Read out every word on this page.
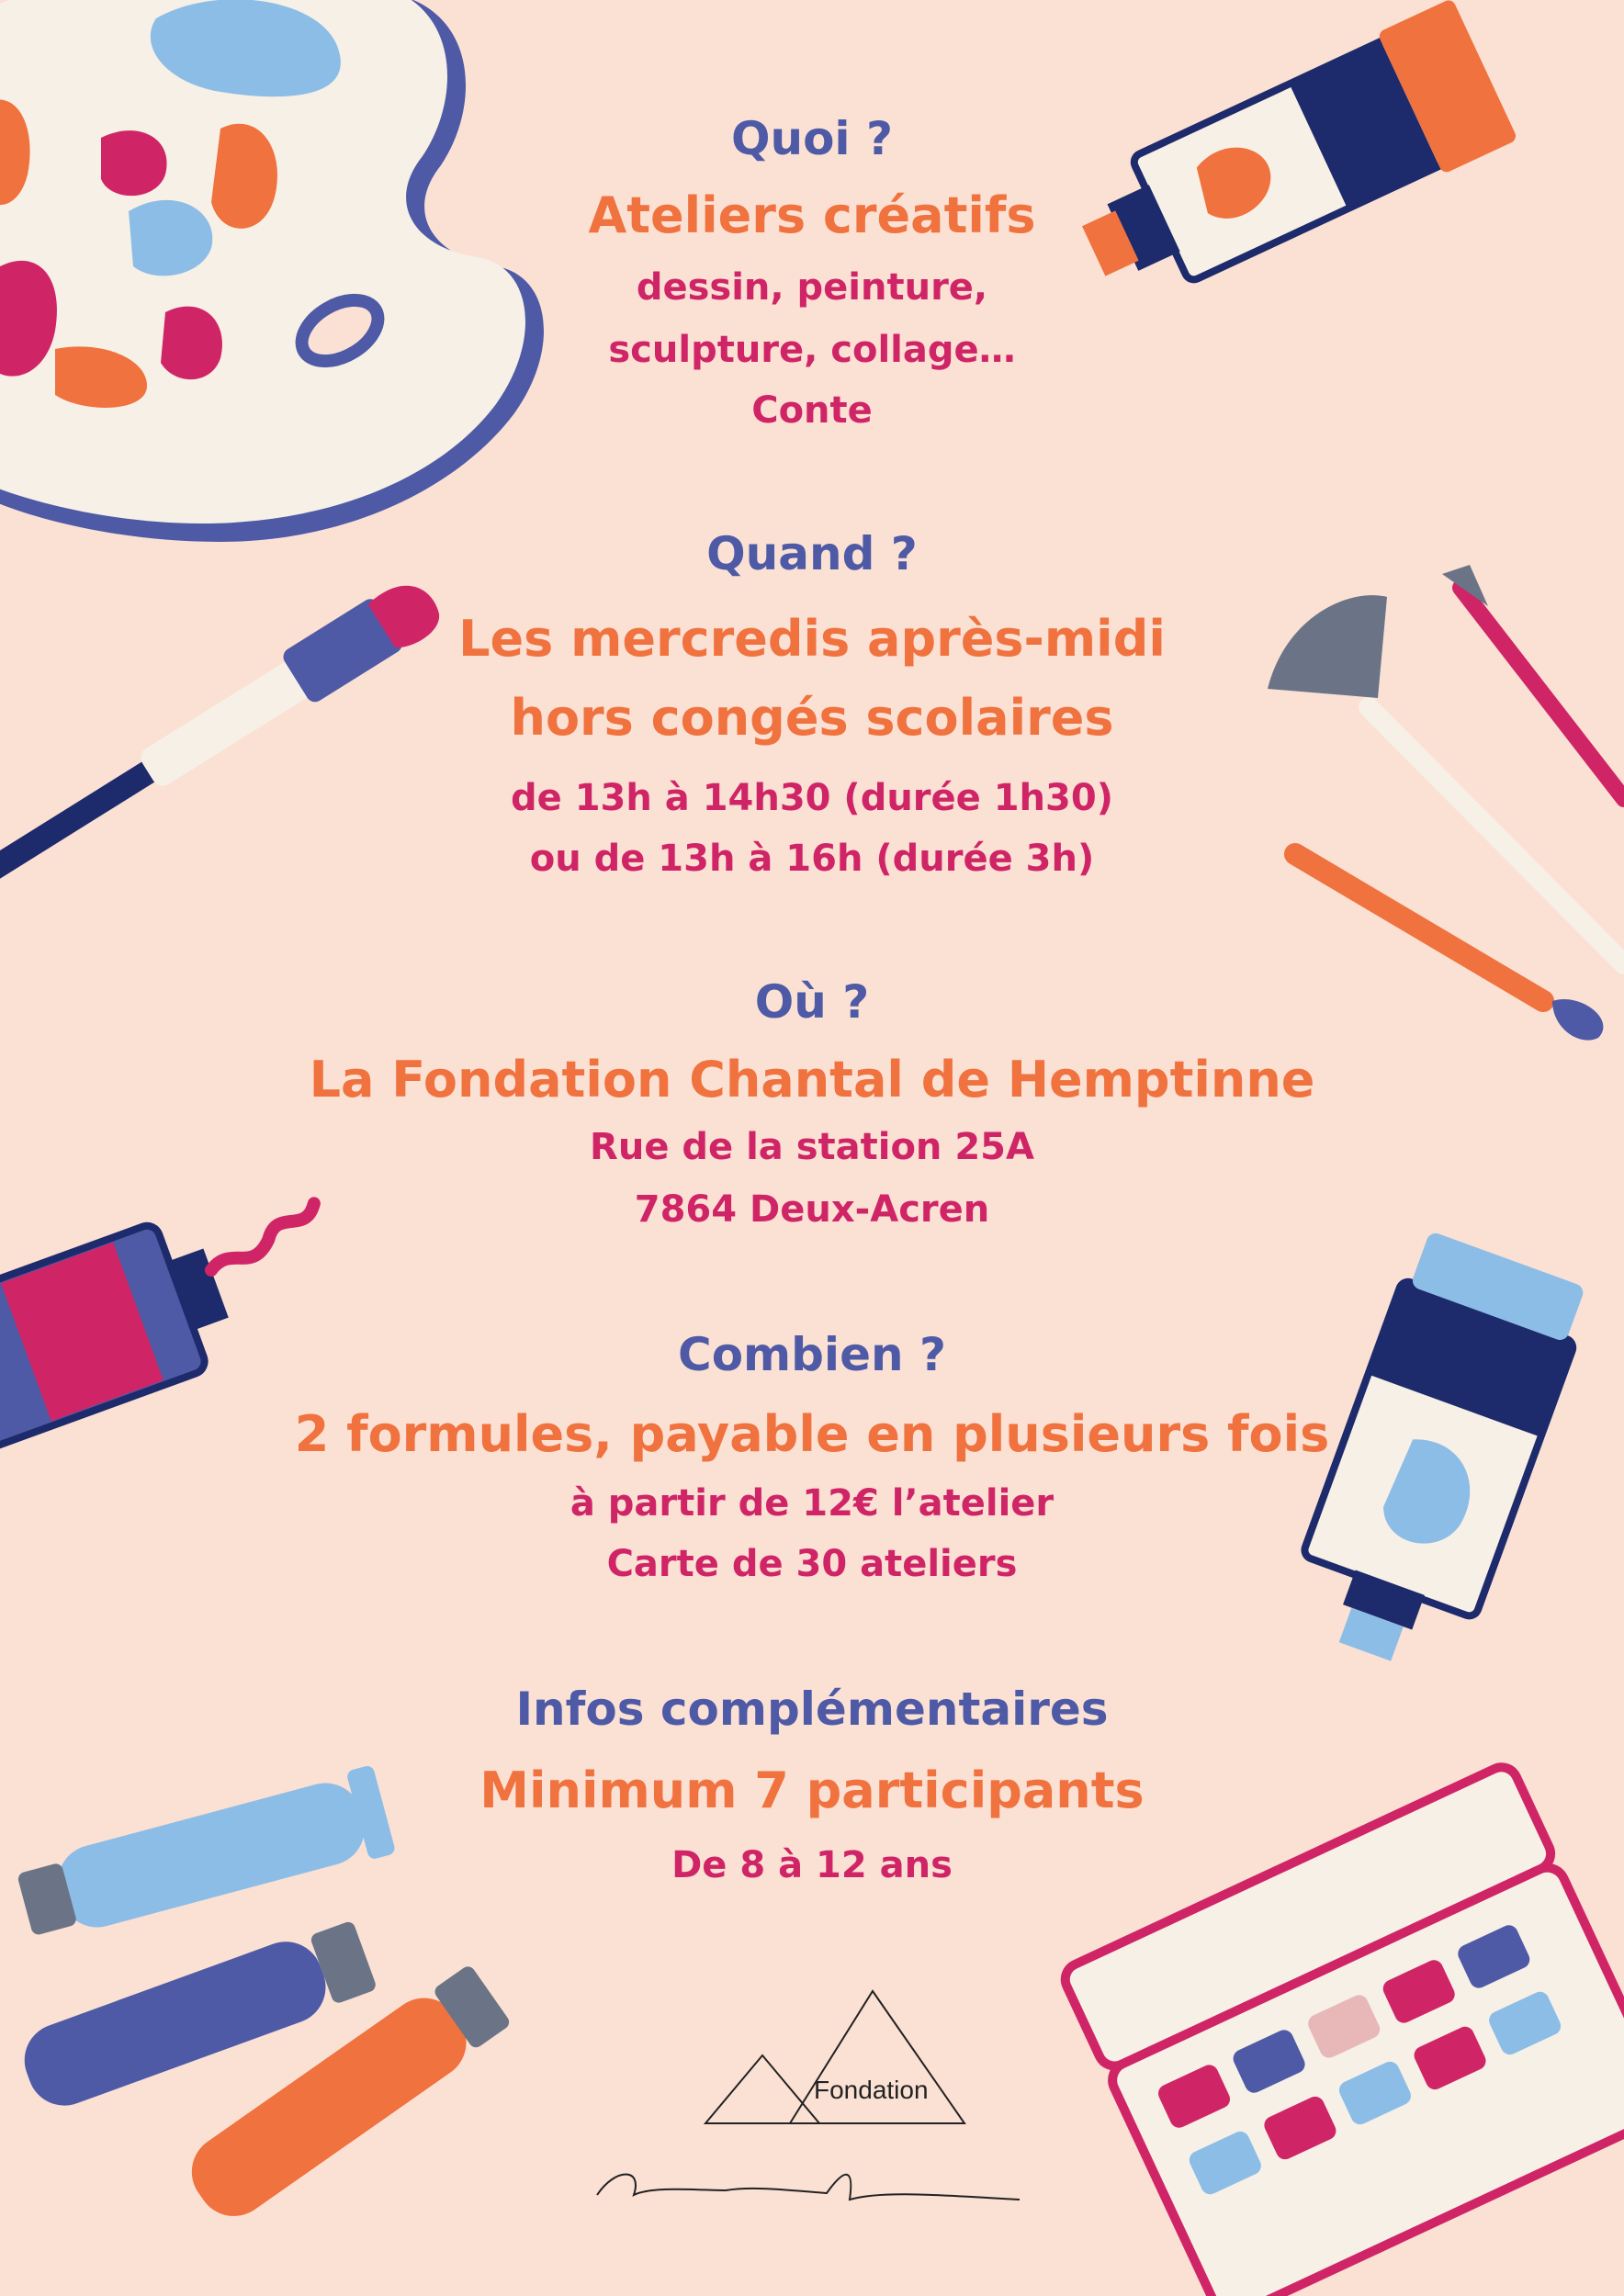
Quoi ?
Ateliers créatifs
dessin, peinture,
sculpture, collage…
Conte
Quand ?
Les mercredis après-midi
hors congés scolaires
de 13h à 14h30 (durée 1h30)
ou de 13h à 16h (durée 3h)
Où ?
La Fondation Chantal de Hemptinne
Rue de la station 25A
7864 Deux-Acren
Combien ?
2 formules, payable en plusieurs fois
à partir de 12€ l’atelier
Carte de 30 ateliers
Infos complémentaires
Minimum 7 participants
De 8 à 12 ans
Fondation
